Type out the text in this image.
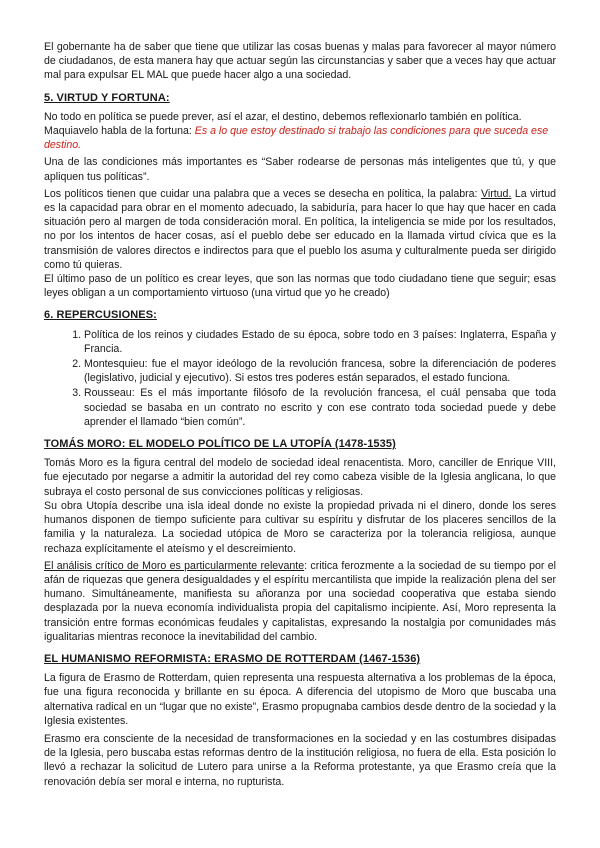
El gobernante ha de saber que tiene que utilizar las cosas buenas y malas para favorecer al mayor número de ciudadanos, de esta manera hay que actuar según las circunstancias y saber que a veces hay que actuar mal para expulsar EL MAL que puede hacer algo a una sociedad.

5. VIRTUD Y FORTUNA:

No todo en política se puede prever, así el azar, el destino, debemos reflexionarlo también en política.

Maquiavelo habla de la fortuna: Es a lo que estoy destinado si trabajo las condiciones para que suceda ese destino.

Una de las condiciones más importantes es “Saber rodearse de personas más inteligentes que tú, y que apliquen tus políticas”.

Los políticos tienen que cuidar una palabra que a veces se desecha en política, la palabra: Virtud. La virtud es la capacidad para obrar en el momento adecuado, la sabiduría, para hacer lo que hay que hacer en cada situación pero al margen de toda consideración moral. En política, la inteligencia se mide por los resultados, no por los intentos de hacer cosas, así el pueblo debe ser educado en la llamada virtud cívica que es la transmisión de valores directos e indirectos para que el pueblo los asuma y culturalmente pueda ser dirigido como tú quieras.

El último paso de un político es crear leyes, que son las normas que todo ciudadano tiene que seguir; esas leyes obligan a un comportamiento virtuoso (una virtud que yo he creado)

6. REPERCUSIONES:
1. Política de los reinos y ciudades Estado de su época, sobre todo en 3 países: Inglaterra, España y Francia.
2. Montesquieu: fue el mayor ideólogo de la revolución francesa, sobre la diferenciación de poderes (legislativo, judicial y ejecutivo). Si estos tres poderes están separados, el estado funciona.
3. Rousseau: Es el más importante filósofo de la revolución francesa, el cuál pensaba que toda sociedad se basaba en un contrato no escrito y con ese contrato toda sociedad puede y debe aprender el llamado “bien común”.
TOMÁS MORO: EL MODELO POLÍTICO DE LA UTOPÍA (1478-1535)

Tomás Moro es la figura central del modelo de sociedad ideal renacentista. Moro, canciller de Enrique VIII, fue ejecutado por negarse a admitir la autoridad del rey como cabeza visible de la Iglesia anglicana, lo que subraya el costo personal de sus convicciones políticas y religiosas.

Su obra Utopía describe una isla ideal donde no existe la propiedad privada ni el dinero, donde los seres humanos disponen de tiempo suficiente para cultivar su espíritu y disfrutar de los placeres sencillos de la familia y la naturaleza. La sociedad utópica de Moro se caracteriza por la tolerancia religiosa, aunque rechaza explícitamente el ateísmo y el descreimiento.

El análisis crítico de Moro es particularmente relevante: critica ferozmente a la sociedad de su tiempo por el afán de riquezas que genera desigualdades y el espíritu mercantilista que impide la realización plena del ser humano. Simultáneamente, manifiesta su añoranza por una sociedad cooperativa que estaba siendo desplazada por la nueva economía individualista propia del capitalismo incipiente. Así, Moro representa la transición entre formas económicas feudales y capitalistas, expresando la nostalgia por comunidades más igualitarias mientras reconoce la inevitabilidad del cambio.

EL HUMANISMO REFORMISTA: ERASMO DE ROTTERDAM (1467-1536)

La figura de Erasmo de Rotterdam, quien representa una respuesta alternativa a los problemas de la época, fue una figura reconocida y brillante en su época. A diferencia del utopismo de Moro que buscaba una alternativa radical en un “lugar que no existe”, Erasmo propugnaba cambios desde dentro de la sociedad y la Iglesia existentes.

Erasmo era consciente de la necesidad de transformaciones en la sociedad y en las costumbres disipadas de la Iglesia, pero buscaba estas reformas dentro de la institución religiosa, no fuera de ella. Esta posición lo llevó a rechazar la solicitud de Lutero para unirse a la Reforma protestante, ya que Erasmo creía que la renovación debía ser moral e interna, no rupturista.
